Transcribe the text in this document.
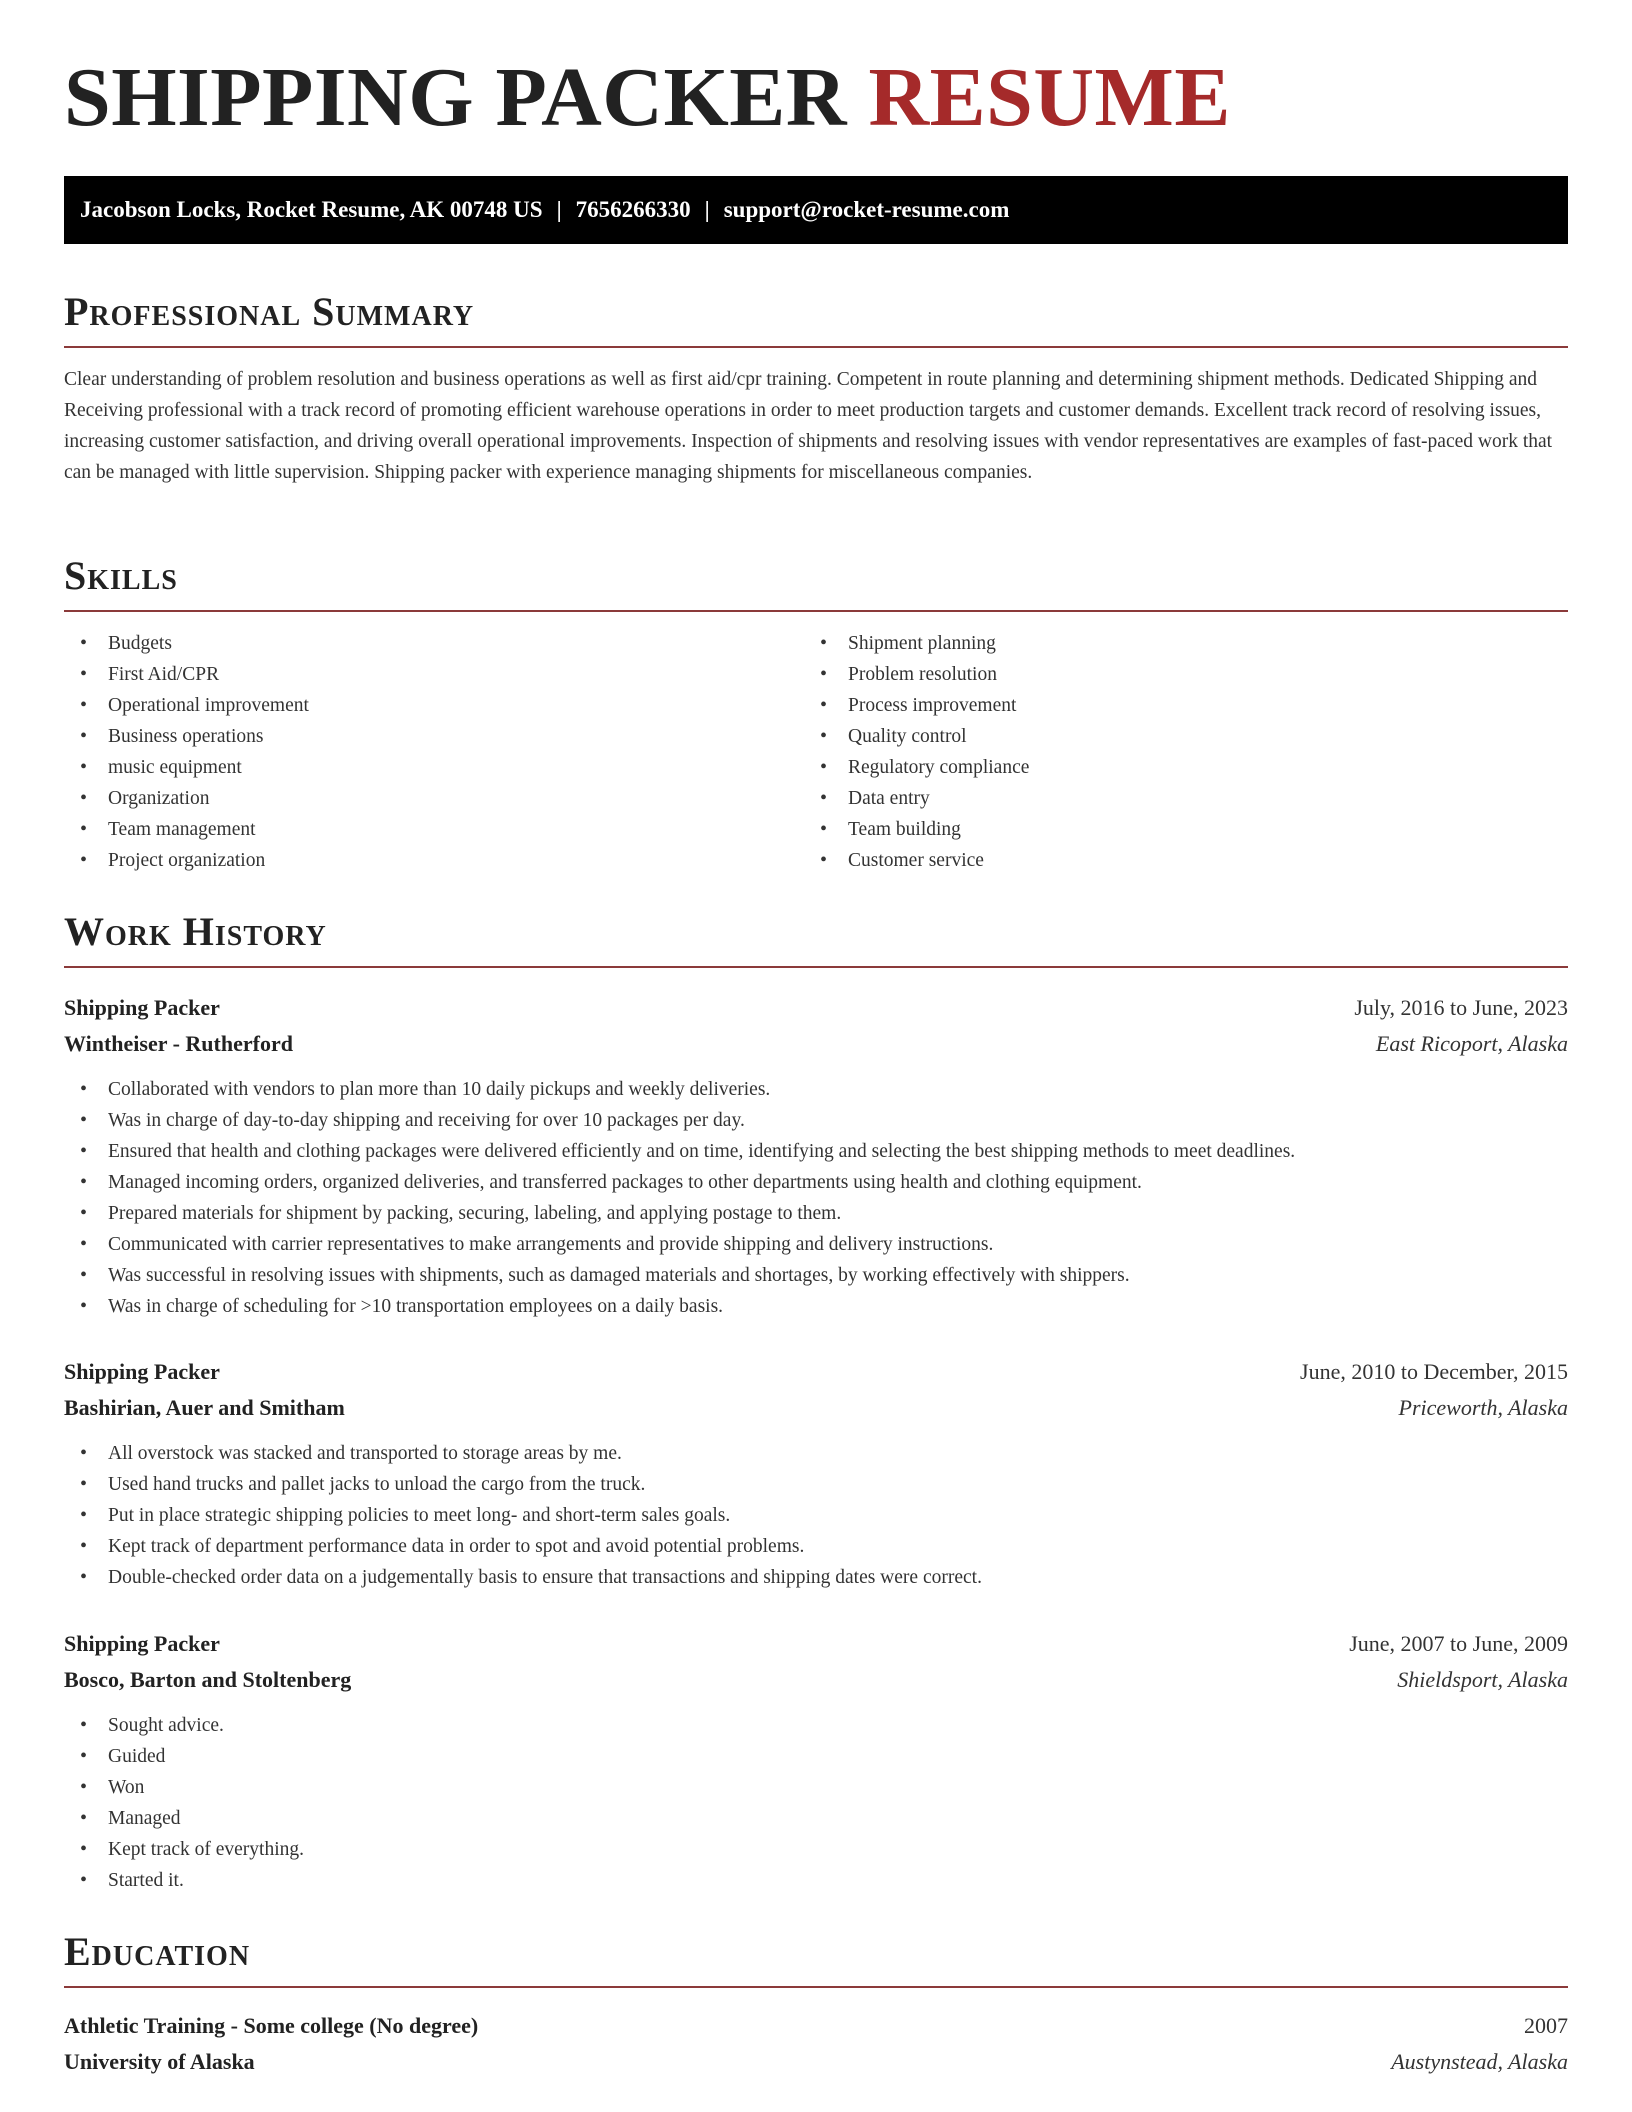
SHIPPING PACKER RESUME
Jacobson Locks, Rocket Resume, AK 00748 US | 7656266330 | support@rocket-resume.com
Professional Summary

Clear understanding of problem resolution and business operations as well as first aid/cpr training. Competent in route planning and determining shipment methods. Dedicated Shipping and Receiving professional with a track record of promoting efficient warehouse operations in order to meet production targets and customer demands. Excellent track record of resolving issues, increasing customer satisfaction, and driving overall operational improvements. Inspection of shipments and resolving issues with vendor representatives are examples of fast-paced work that can be managed with little supervision. Shipping packer with experience managing shipments for miscellaneous companies.

Skills
• Budgets
• First Aid/CPR
• Operational improvement
• Business operations
• music equipment
• Organization
• Team management
• Project organization
• Shipment planning
• Problem resolution
• Process improvement
• Quality control
• Regulatory compliance
• Data entry
• Team building
• Customer service
Work History
Shipping Packer	July, 2016 to June, 2023
Wintheiser - Rutherford	East Ricoport, Alaska
• Collaborated with vendors to plan more than 10 daily pickups and weekly deliveries.
• Was in charge of day-to-day shipping and receiving for over 10 packages per day.
• Ensured that health and clothing packages were delivered efficiently and on time, identifying and selecting the best shipping methods to meet deadlines.
• Managed incoming orders, organized deliveries, and transferred packages to other departments using health and clothing equipment.
• Prepared materials for shipment by packing, securing, labeling, and applying postage to them.
• Communicated with carrier representatives to make arrangements and provide shipping and delivery instructions.
• Was successful in resolving issues with shipments, such as damaged materials and shortages, by working effectively with shippers.
• Was in charge of scheduling for >10 transportation employees on a daily basis.
Shipping Packer	June, 2010 to December, 2015
Bashirian, Auer and Smitham	Priceworth, Alaska
• All overstock was stacked and transported to storage areas by me.
• Used hand trucks and pallet jacks to unload the cargo from the truck.
• Put in place strategic shipping policies to meet long- and short-term sales goals.
• Kept track of department performance data in order to spot and avoid potential problems.
• Double-checked order data on a judgementally basis to ensure that transactions and shipping dates were correct.
Shipping Packer	June, 2007 to June, 2009
Bosco, Barton and Stoltenberg	Shieldsport, Alaska
• Sought advice.
• Guided
• Won
• Managed
• Kept track of everything.
• Started it.
Education
Athletic Training - Some college (No degree)	2007
University of Alaska	Austynstead, Alaska
